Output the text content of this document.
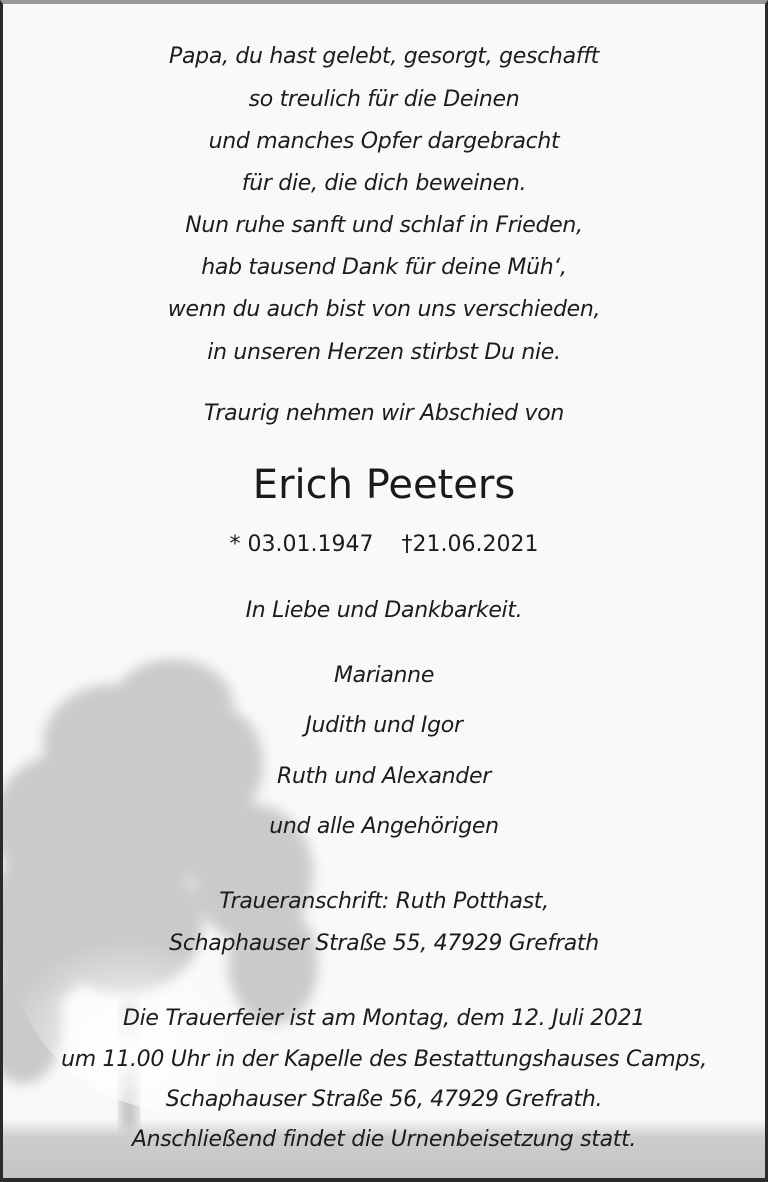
Papa, du hast gelebt, gesorgt, geschafft
so treulich für die Deinen
und manches Opfer dargebracht
für die, die dich beweinen.
Nun ruhe sanft und schlaf in Frieden,
hab tausend Dank für deine Müh‘,
wenn du auch bist von uns verschieden,
in unseren Herzen stirbst Du nie.
Traurig nehmen wir Abschied von
Erich Peeters
* 03.01.1947 †21.06.2021
In Liebe und Dankbarkeit.
Marianne
Judith und Igor
Ruth und Alexander
und alle Angehörigen
Traueranschrift: Ruth Potthast,
Schaphauser Straße 55, 47929 Grefrath
Die Trauerfeier ist am Montag, dem 12. Juli 2021
um 11.00 Uhr in der Kapelle des Bestattungshauses Camps,
Schaphauser Straße 56, 47929 Grefrath.
Anschließend findet die Urnenbeisetzung statt.
